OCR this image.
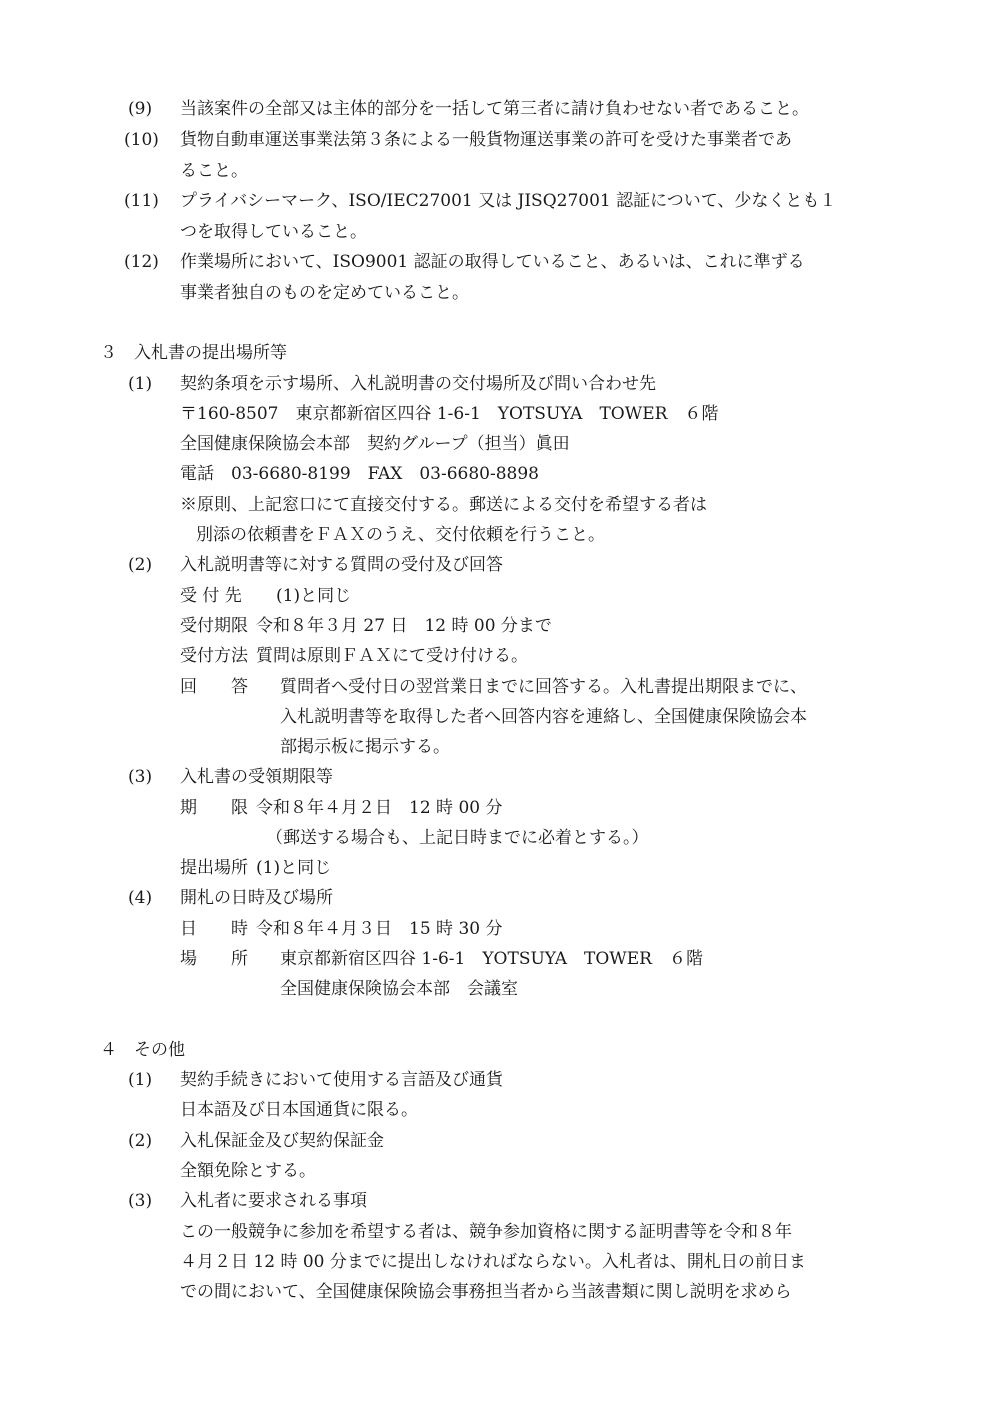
(9) 当該案件の全部又は主体的部分を一括して第三者に請け負わせない者であること。
(10) 貨物自動車運送事業法第３条による一般貨物運送事業の許可を受けた事業者であ
ること。
(11) プライバシーマーク、ISO/IEC27001 又は JISQ27001 認証について、少なくとも１
つを取得していること。
(12) 作業場所において、ISO9001 認証の取得していること、あるいは、これに準ずる
事業者独自のものを定めていること。
３　入札書の提出場所等
(1) 契約条項を示す場所、入札説明書の交付場所及び問い合わせ先
〒160-8507　東京都新宿区四谷 1-6-1　YOTSUYA　TOWER　６階
全国健康保険協会本部　契約グループ（担当）眞田
電話　03-6680-8199　FAX　03-6680-8898
※原則、上記窓口にて直接交付する。郵送による交付を希望する者は
別添の依頼書をＦＡＸのうえ、交付依頼を行うこと。
(2) 入札説明書等に対する質問の受付及び回答
受 付 先 (1)と同じ
受付期限 令和８年３月 27 日　12 時 00 分まで
受付方法 質問は原則ＦＡＸにて受け付ける。
回　　答 質問者へ受付日の翌営業日までに回答する。入札書提出期限までに、
入札説明書等を取得した者へ回答内容を連絡し、全国健康保険協会本
部掲示板に掲示する。
(3) 入札書の受領期限等
期　　限 令和８年４月２日　12 時 00 分
（郵送する場合も、上記日時までに必着とする。）
提出場所 (1)と同じ
(4) 開札の日時及び場所
日　　時 令和８年４月３日　15 時 30 分
場　　所 東京都新宿区四谷 1-6-1　YOTSUYA　TOWER　６階
全国健康保険協会本部　会議室
４　その他
(1) 契約手続きにおいて使用する言語及び通貨
日本語及び日本国通貨に限る。
(2) 入札保証金及び契約保証金
全額免除とする。
(3) 入札者に要求される事項
この一般競争に参加を希望する者は、競争参加資格に関する証明書等を令和８年
４月２日 12 時 00 分までに提出しなければならない。入札者は、開札日の前日ま
での間において、全国健康保険協会事務担当者から当該書類に関し説明を求めら
